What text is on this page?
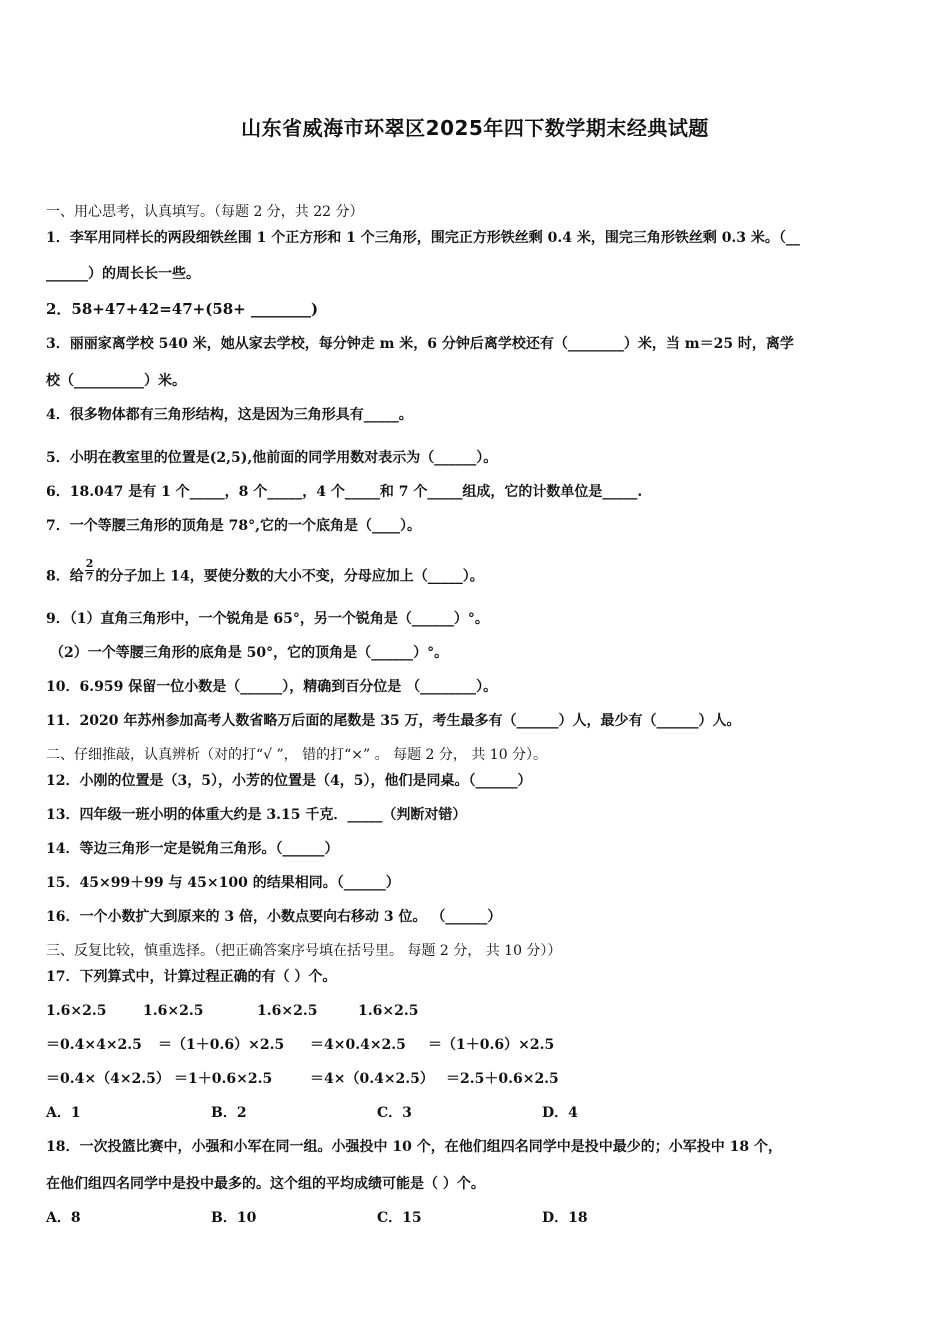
山东省威海市环翠区2025年四下数学期末经典试题
一、用心思考，认真填写。（每题 2 分，共 22 分）
1．李军用同样长的两段细铁丝围 1 个正方形和 1 个三角形，围完正方形铁丝剩 0.4 米，围完三角形铁丝剩 0.3 米。（__
______）的周长长一些。
2．58+47+42=47+(58+ ________)
3．丽丽家离学校 540 米，她从家去学校，每分钟走 m 米，6 分钟后离学校还有（________）米，当 m＝25 时，离学
校（__________）米。
4．很多物体都有三角形结构，这是因为三角形具有_____。
5．小明在教室里的位置是(2,5),他前面的同学用数对表示为（______）。
6．18.047 是有 1 个_____，8 个_____，4 个_____和 7 个_____组成，它的计数单位是_____.
7．一个等腰三角形的顶角是 78°,它的一个底角是（____）。
8．给 $\frac{2}{7}$ 的分子加上 14，要使分数的大小不变，分母应加上（_____）。
9．（1）直角三角形中，一个锐角是 65°，另一个锐角是（______）°。
（2）一个等腰三角形的底角是 50°，它的顶角是（______）°。
10．6.959 保留一位小数是（______），精确到百分位是 （________）。
11．2020 年苏州参加高考人数省略万后面的尾数是 35 万，考生最多有（______）人，最少有（______）人。
二、仔细推敲，认真辨析（对的打“√ ”， 错的打“×” 。 每题 2 分， 共 10 分）。
12．小刚的位置是（3，5），小芳的位置是（4，5），他们是同桌。（______）
13．四年级一班小明的体重大约是 3.15 千克．_____（判断对错）
14．等边三角形一定是锐角三角形。（______）
15．45×99＋99 与 45×100 的结果相同。（______）
16．一个小数扩大到原来的 3 倍，小数点要向右移动 3 位。 （______）
三、反复比较，慎重选择。（把正确答案序号填在括号里。 每题 2 分， 共 10 分））
17．下列算式中，计算过程正确的有（ ）个。
1.6×2.5	1.6×2.5	1.6×2.5	1.6×2.5
＝0.4×4×2.5 ＝（1＋0.6）×2.5 ＝4×0.4×2.5 ＝（1＋0.6）×2.5
＝0.4×（4×2.5） ＝1＋0.6×2.5	＝4×（0.4×2.5） ＝2.5＋0.6×2.5
A．1	B．2	C．3	D．4
18．一次投篮比赛中，小强和小军在同一组。小强投中 10 个，在他们组四名同学中是投中最少的；小军投中 18 个，
在他们组四名同学中是投中最多的。这个组的平均成绩可能是（ ）个。
A．8	B．10	C．15	D．18
